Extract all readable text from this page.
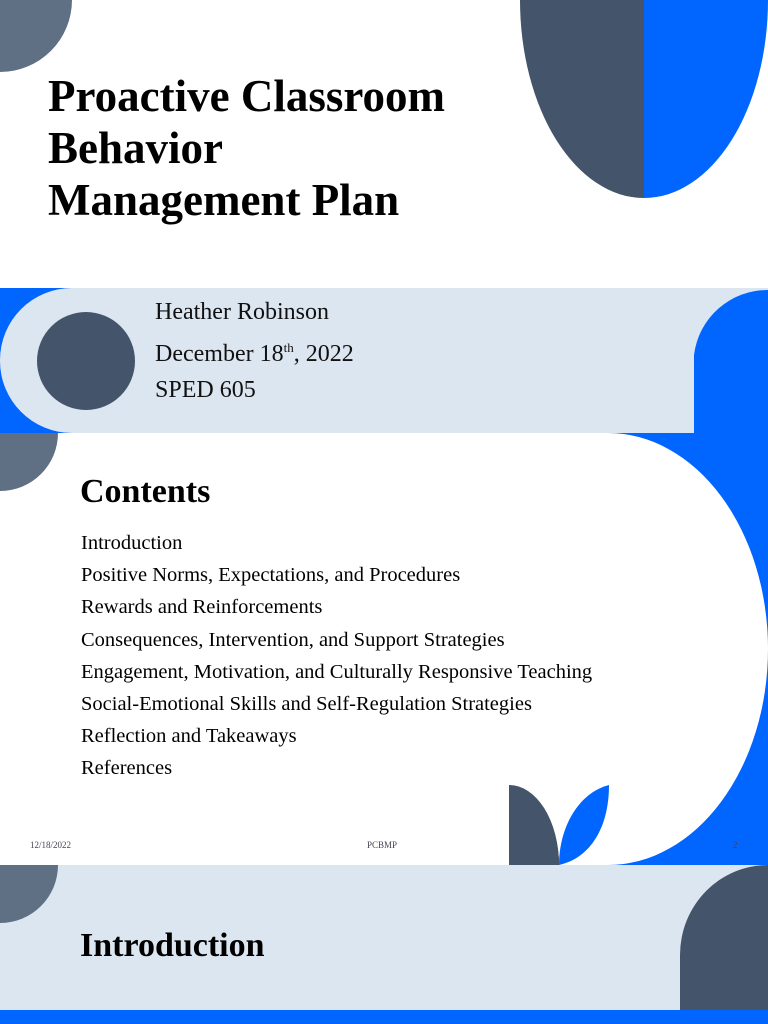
Proactive Classroom
Behavior
Management Plan
Heather Robinson
December 18th, 2022
SPED 605
Contents
Introduction
Positive Norms, Expectations, and Procedures
Rewards and Reinforcements
Consequences, Intervention, and Support Strategies
Engagement, Motivation, and Culturally Responsive Teaching
Social-Emotional Skills and Self-Regulation Strategies
Reflection and Takeaways
References
12/18/2022	PCBMP	2
Introduction
